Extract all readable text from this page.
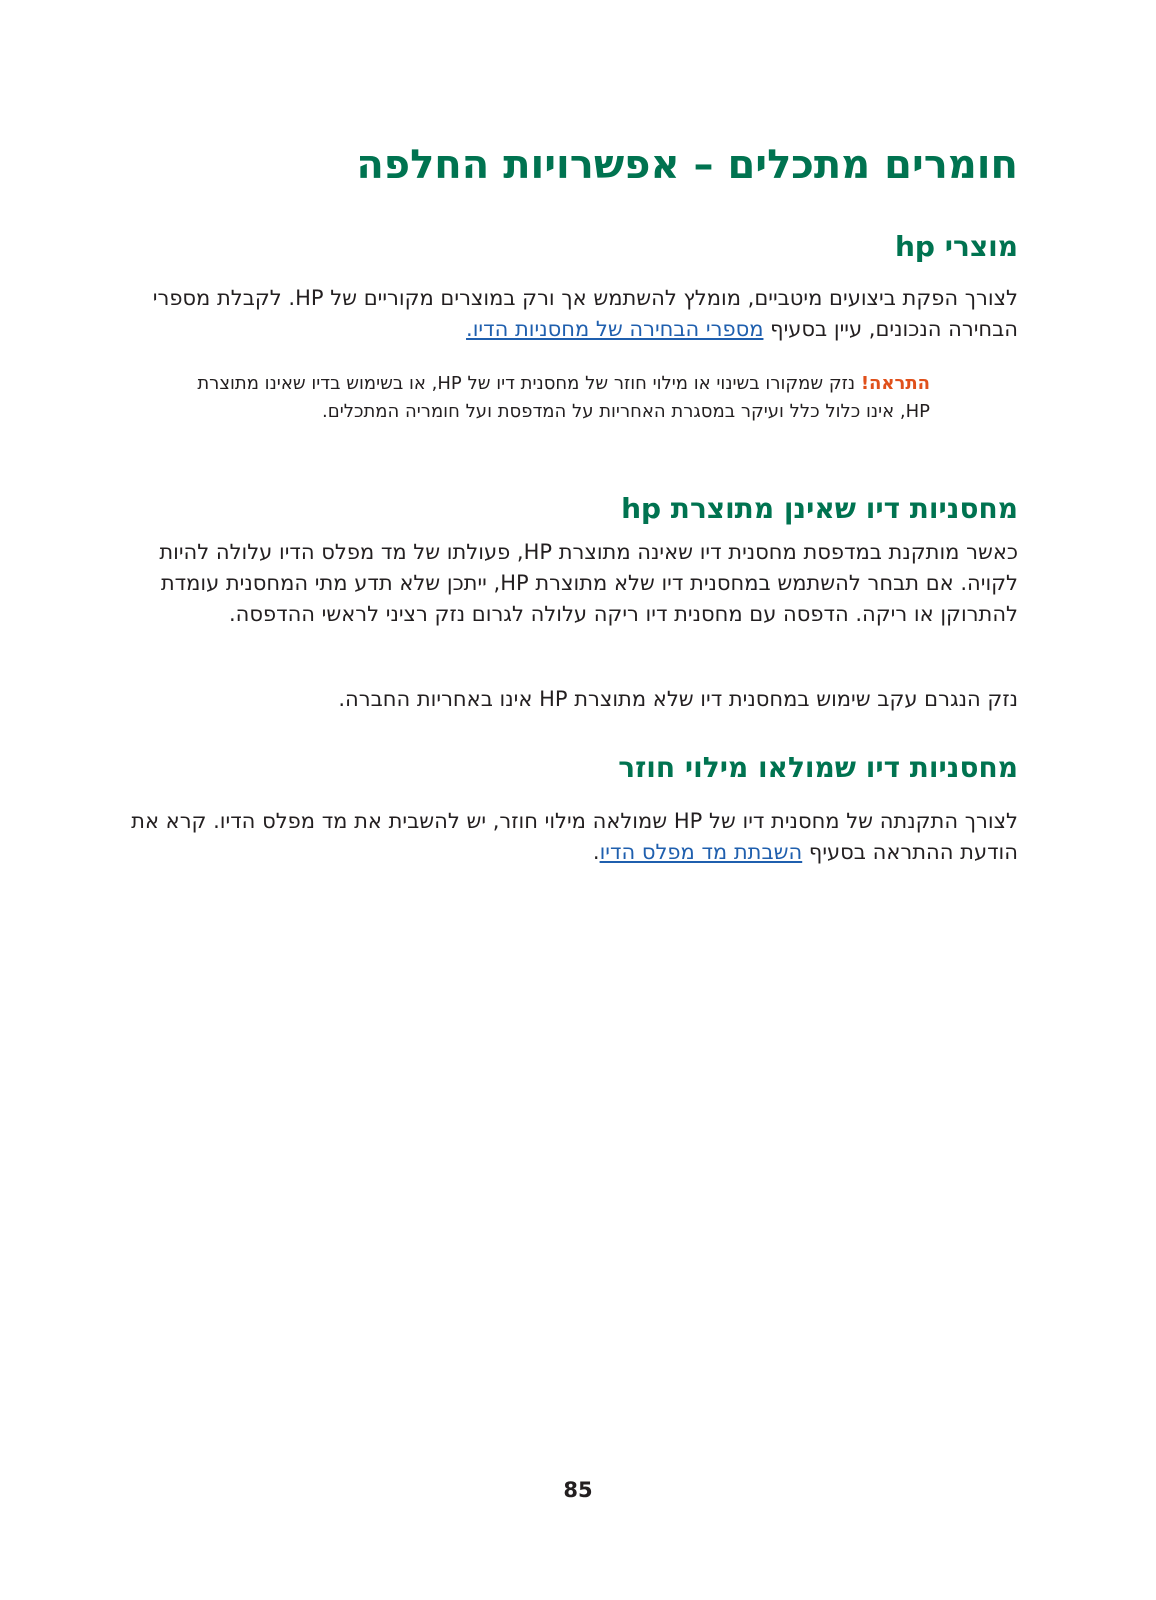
חומרים מתכלים – אפשרויות החלפה
מוצרי hp

לצורך הפקת ביצועים מיטביים, מומלץ להשתמש אך ורק במוצרים מקוריים של HP. לקבלת מספרי הבחירה הנכונים, עיין בסעיף מספרי הבחירה של מחסניות הדיו.

התראה! נזק שמקורו בשינוי או מילוי חוזר של מחסנית דיו של HP, או בשימוש בדיו שאינו מתוצרת HP, אינו כלול כלל ועיקר במסגרת האחריות על המדפסת ועל חומריה המתכלים.

מחסניות דיו שאינן מתוצרת hp

כאשר מותקנת במדפסת מחסנית דיו שאינה מתוצרת HP, פעולתו של מד מפלס הדיו עלולה להיות לקויה. אם תבחר להשתמש במחסנית דיו שלא מתוצרת HP, ייתכן שלא תדע מתי המחסנית עומדת להתרוקן או ריקה. הדפסה עם מחסנית דיו ריקה עלולה לגרום נזק רציני לראשי ההדפסה.

נזק הנגרם עקב שימוש במחסנית דיו שלא מתוצרת HP אינו באחריות החברה.

מחסניות דיו שמולאו מילוי חוזר

לצורך התקנתה של מחסנית דיו של HP שמולאה מילוי חוזר, יש להשבית את מד מפלס הדיו. קרא את הודעת ההתראה בסעיף השבתת מד מפלס הדיו.

85
